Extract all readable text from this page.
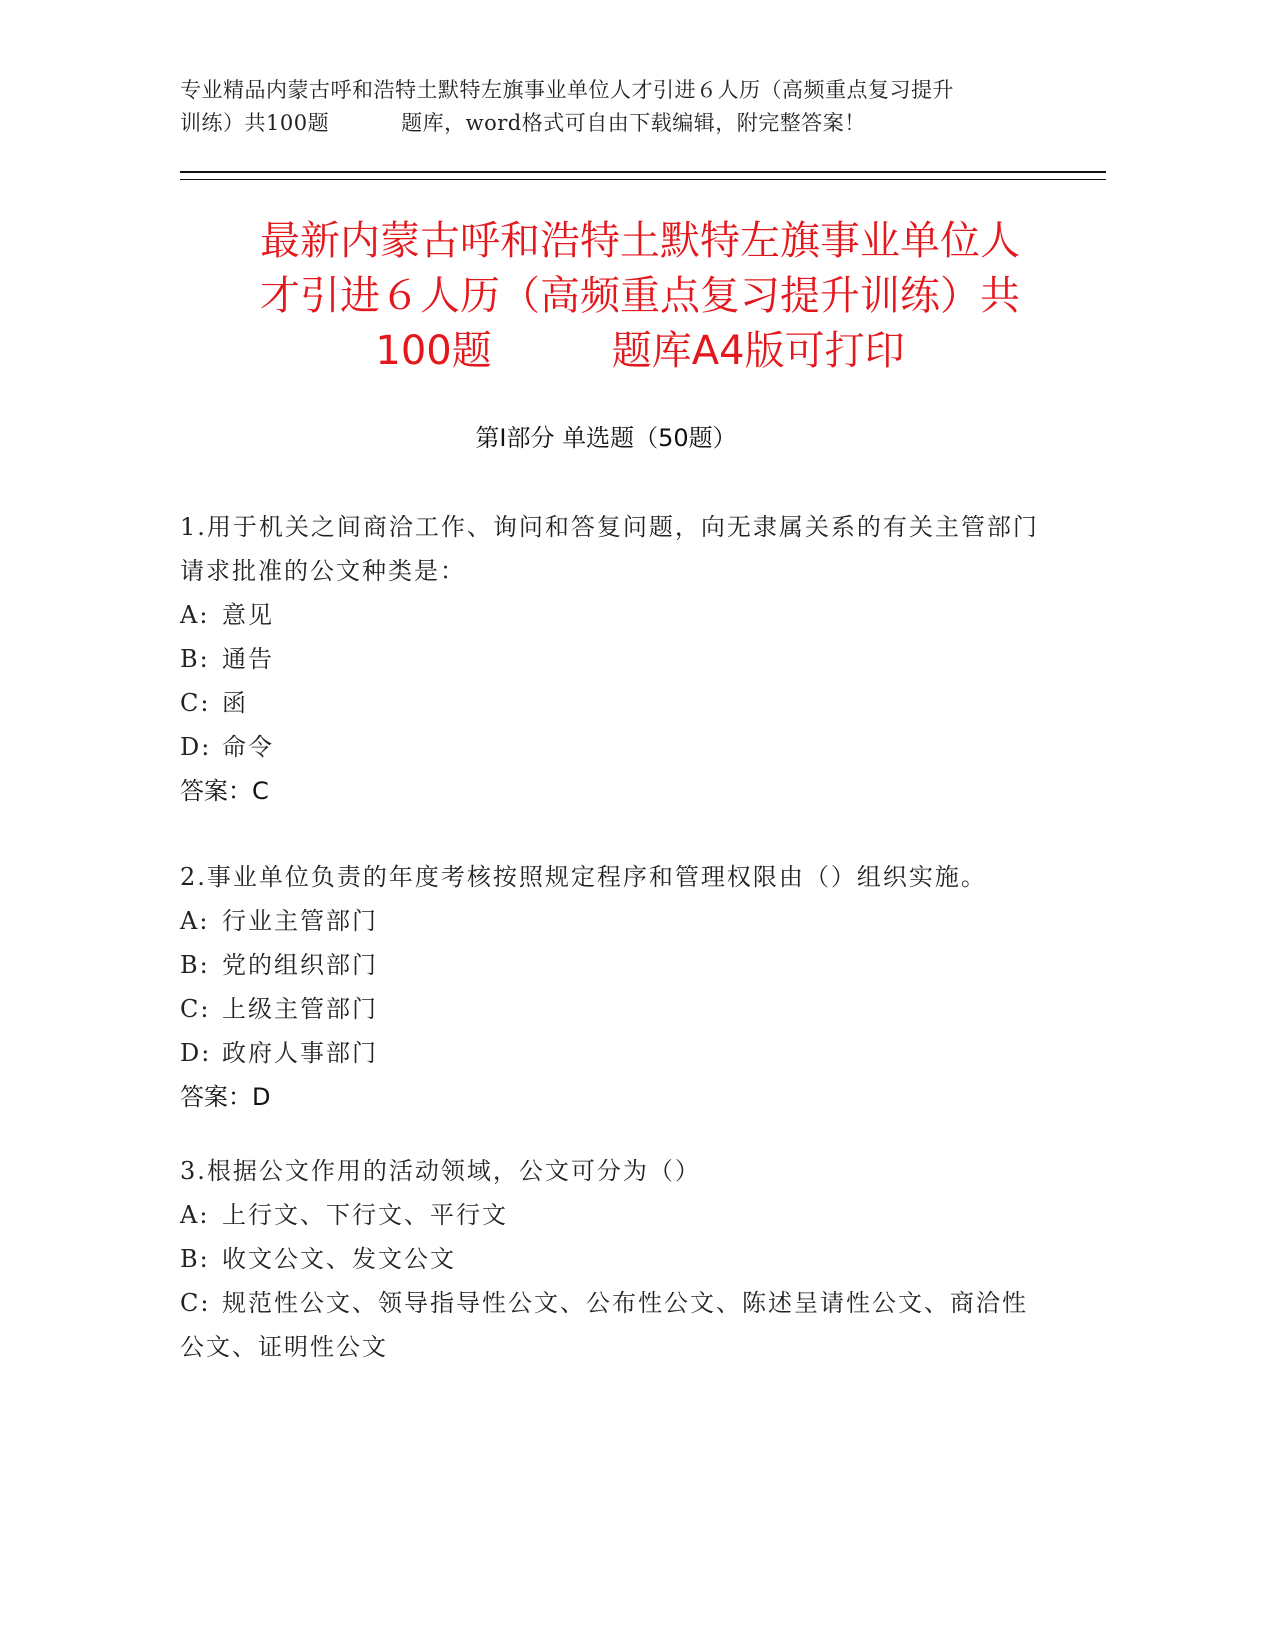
专业精品内蒙古呼和浩特土默特左旗事业单位人才引进６人历（高频重点复习提升
训练）共100题	题库，word格式可自由下载编辑，附完整答案！
最新内蒙古呼和浩特土默特左旗事业单位人
才引进６人历（高频重点复习提升训练）共
100题	题库A4版可打印
第Ⅰ部分 单选题（50题）

1.用于机关之间商洽工作、询问和答复问题，向无隶属关系的有关主管部门请求批准的公文种类是：

A: 意见

B: 通告

C: 函

D: 命令

答案：C

2.事业单位负责的年度考核按照规定程序和管理权限由（）组织实施。

A: 行业主管部门

B: 党的组织部门

C: 上级主管部门

D: 政府人事部门

答案：D

3.根据公文作用的活动领域，公文可分为（）

A: 上行文、下行文、平行文

B: 收文公文、发文公文

C: 规范性公文、领导指导性公文、公布性公文、陈述呈请性公文、商洽性公文、证明性公文
